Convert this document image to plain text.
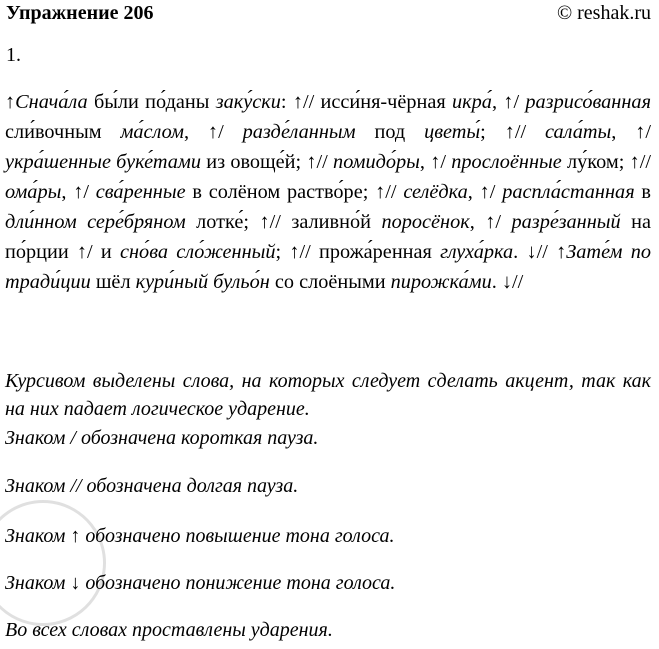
Упражнение 206	© reshak.ru
1.
↑Снача́ла бы́ли по́даны заку́ски: ↑// исси́ня-чёрная икра́, ↑/ разрисо́ванная сли́вочным ма́слом, ↑/ разде́ланным под цветы́; ↑// сала́ты, ↑/ укра́шенные буке́тами из овоще́й; ↑// помидо́ры, ↑/ прослоённые лу́ком; ↑// ома́ры, ↑/ сва́ренные в солёном раство́ре; ↑// селёдка, ↑/ распла́станная в дли́нном сере́бряном лотке́; ↑// заливно́й поросёнок, ↑/ разре́занный на по́рции ↑/ и сно́ва сло́женный; ↑// прожа́ренная глуха́рка. ↓// ↑Зате́м по тради́ции шёл кури́ный бульо́н со слоёными пирожка́ми. ↓//
Курсивом выделены слова, на которых следует сделать акцент, так как на них падает логическое ударение.
Знаком / обозначена короткая пауза.
Знаком // обозначена долгая пауза.
Знаком ↑ обозначено повышение тона голоса.
Знаком ↓ обозначено понижение тона голоса.
Во всех словах проставлены ударения.
